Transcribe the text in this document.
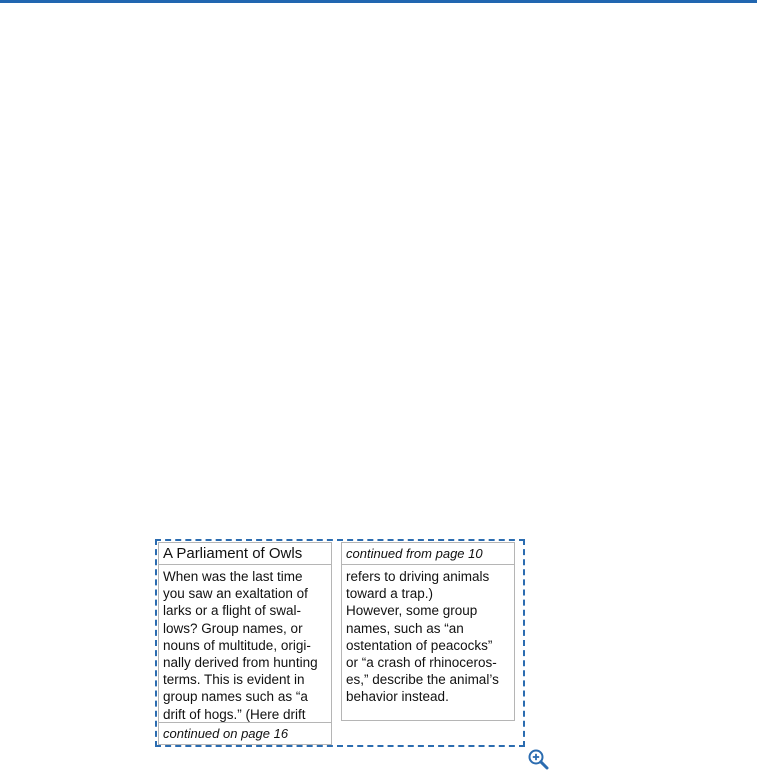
A Parliament of Owls
When was the last time
you saw an exaltation of
larks or a flight of swal-
lows? Group names, or
nouns of multitude, origi-
nally derived from hunting
terms. This is evident in
group names such as “a
drift of hogs.” (Here drift
continued on page 16
continued from page 10
refers to driving animals
toward a trap.)
However, some group
names, such as “an
ostentation of peacocks”
or “a crash of rhinoceros-
es,” describe the animal’s
behavior instead.
